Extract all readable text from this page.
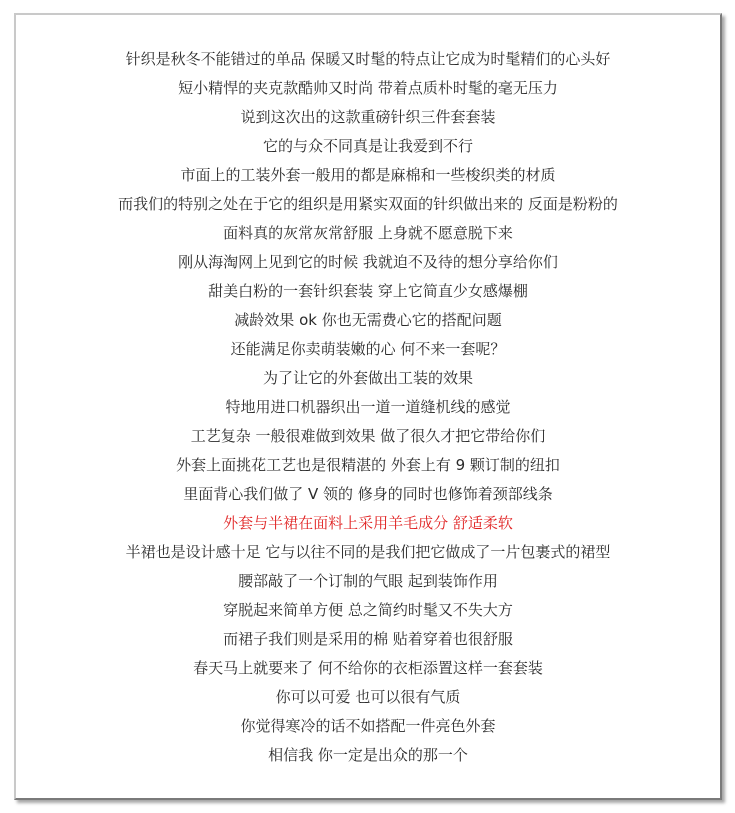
针织是秋冬不能错过的单品 保暖又时髦的特点让它成为时髦精们的心头好
短小精悍的夹克款酷帅又时尚 带着点质朴时髦的毫无压力
说到这次出的这款重磅针织三件套套装
它的与众不同真是让我爱到不行
市面上的工装外套一般用的都是麻棉和一些梭织类的材质
而我们的特别之处在于它的组织是用紧实双面的针织做出来的 反面是粉粉的
面料真的灰常灰常舒服 上身就不愿意脱下来
刚从海淘网上见到它的时候 我就迫不及待的想分享给你们
甜美白粉的一套针织套装 穿上它简直少女感爆棚
减龄效果 ok 你也无需费心它的搭配问题
还能满足你卖萌装嫩的心 何不来一套呢？
为了让它的外套做出工装的效果
特地用进口机器织出一道一道缝机线的感觉
工艺复杂 一般很难做到效果 做了很久才把它带给你们
外套上面挑花工艺也是很精湛的 外套上有 9 颗订制的纽扣
里面背心我们做了 V 领的 修身的同时也修饰着颈部线条
外套与半裙在面料上采用羊毛成分 舒适柔软
半裙也是设计感十足 它与以往不同的是我们把它做成了一片包裹式的裙型
腰部敲了一个订制的气眼 起到装饰作用
穿脱起来简单方便 总之简约时髦又不失大方
而裙子我们则是采用的棉 贴着穿着也很舒服
春天马上就要来了 何不给你的衣柜添置这样一套套装
你可以可爱 也可以很有气质
你觉得寒冷的话不如搭配一件亮色外套
相信我 你一定是出众的那一个
